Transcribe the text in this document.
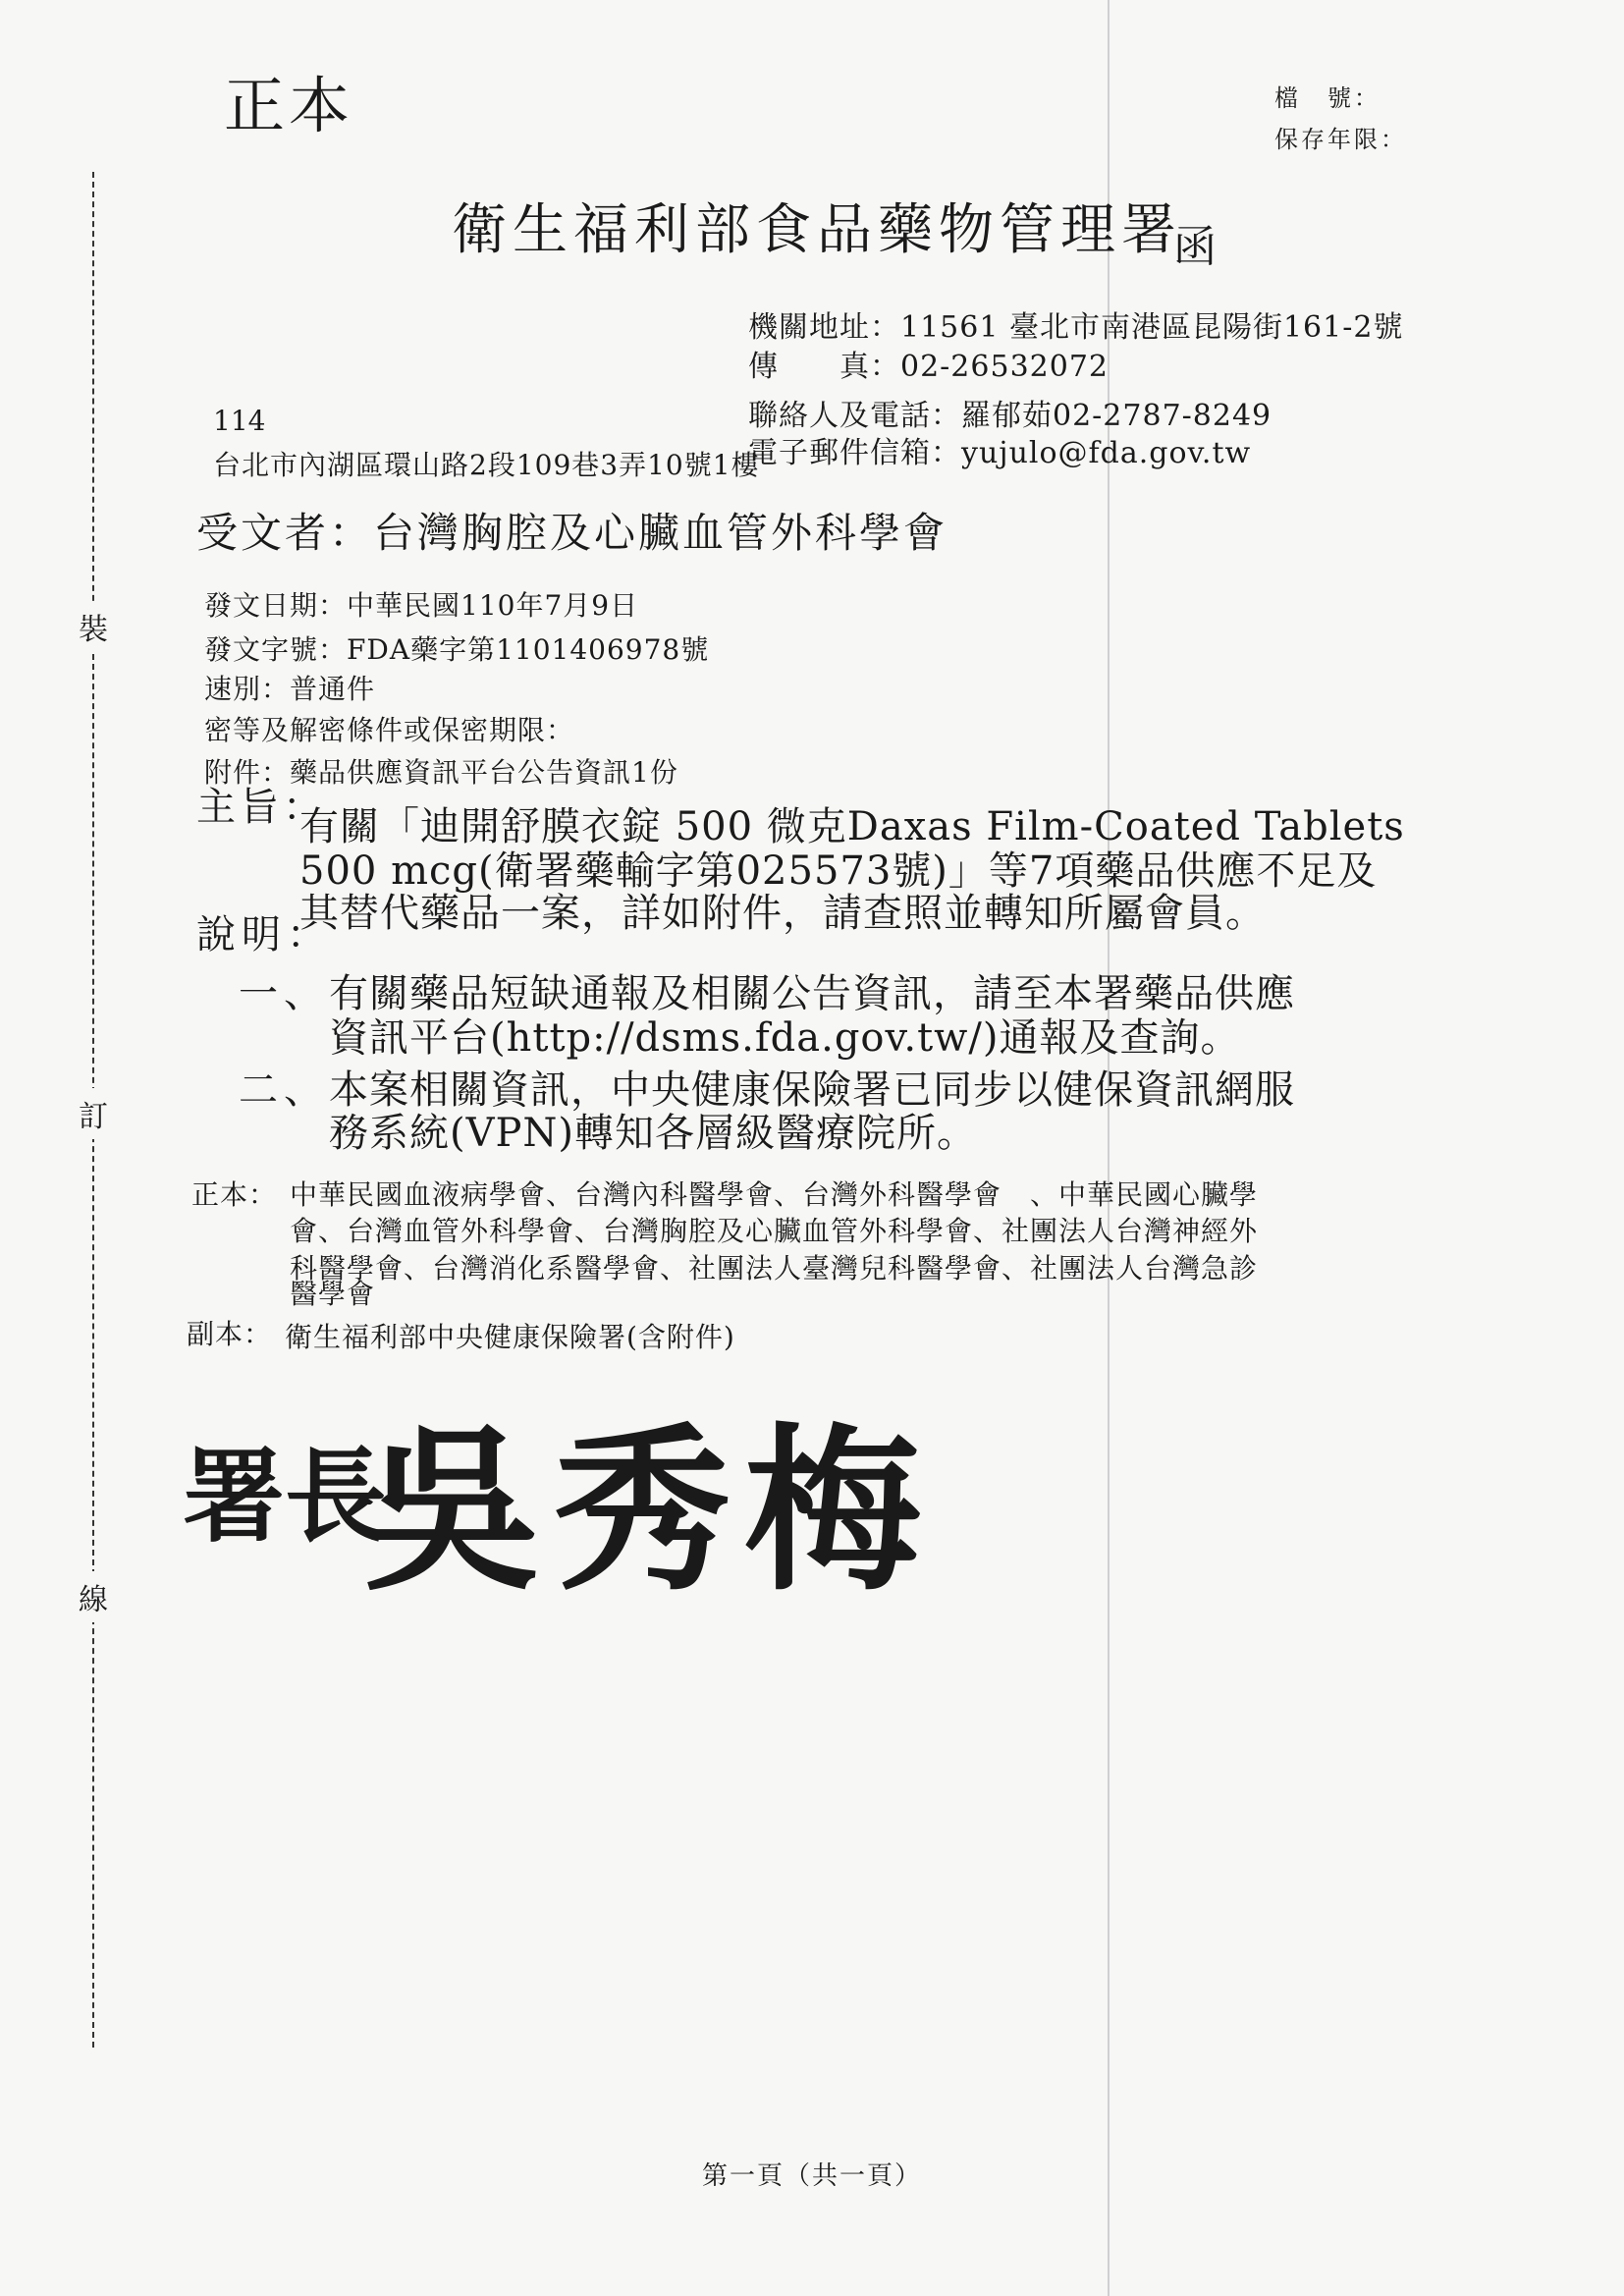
裝
訂
線
正本	檔　號：
保存年限：
衛生福利部食品藥物管理署
函
機關地址：11561 臺北市南港區昆陽街161-2號
傳　　真：02-26532072
聯絡人及電話：羅郁茹02-2787-8249
電子郵件信箱：yujulo@fda.gov.tw
114
台北市內湖區環山路2段109巷3弄10號1樓
受文者：台灣胸腔及心臟血管外科學會
發文日期：中華民國110年7月9日
發文字號：FDA藥字第1101406978號
速別：普通件
密等及解密條件或保密期限：
附件：藥品供應資訊平台公告資訊1份
主旨：
有關「迪開舒膜衣錠 500 微克Daxas Film-Coated Tablets
500 mcg(衛署藥輸字第025573號)」等7項藥品供應不足及
其替代藥品一案，詳如附件，請查照並轉知所屬會員。
說明：
一、 有關藥品短缺通報及相關公告資訊，請至本署藥品供應
資訊平台(http://dsms.fda.gov.tw/)通報及查詢。
二、 本案相關資訊，中央健康保險署已同步以健保資訊網服
務系統(VPN)轉知各層級醫療院所。
正本： 中華民國血液病學會、台灣內科醫學會、台灣外科醫學會　、中華民國心臟學
會、台灣血管外科學會、台灣胸腔及心臟血管外科學會、社團法人台灣神經外
科醫學會、台灣消化系醫學會、社團法人臺灣兒科醫學會、社團法人台灣急診
醫學會
副本： 衛生福利部中央健康保險署(含附件)
署長
吳秀梅
第一頁（共一頁）
